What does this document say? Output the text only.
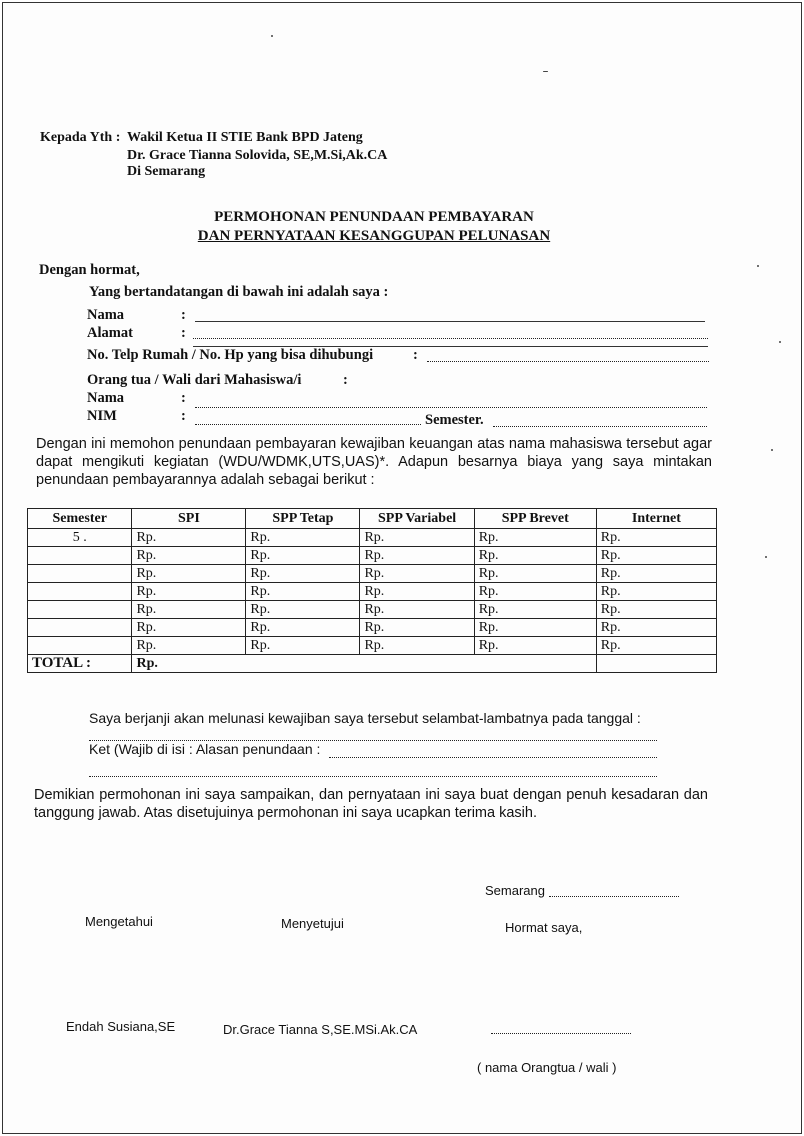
Kepada Yth : Wakil Ketua II STIE Bank BPD Jateng
Dr. Grace Tianna Solovida, SE,M.Si,Ak.CA
Di Semarang
PERMOHONAN PENUNDAAN PEMBAYARAN
DAN PERNYATAAN KESANGGUPAN PELUNASAN
Dengan hormat,
Yang bertandatangan di bawah ini adalah saya :
Nama	:
Alamat	:
No. Telp Rumah / No. Hp yang bisa dihubungi	:
Orang tua / Wali dari Mahasiswa/i	:
Nama	:
NIM	:	Semester.
Dengan ini memohon penundaan pembayaran kewajiban keuangan atas nama mahasiswa tersebut agar dapat mengikuti kegiatan (WDU/WDMK,UTS,UAS)*. Adapun besarnya biaya yang saya mintakan penundaan pembayarannya adalah sebagai berikut :
Semester	SPI	SPP Tetap	SPP Variabel	SPP Brevet	Internet
5 .	Rp.	Rp.	Rp.	Rp.	Rp.
	Rp.	Rp.	Rp.	Rp.	Rp.
	Rp.	Rp.	Rp.	Rp.	Rp.
	Rp.	Rp.	Rp.	Rp.	Rp.
	Rp.	Rp.	Rp.	Rp.	Rp.
	Rp.	Rp.	Rp.	Rp.	Rp.
	Rp.	Rp.	Rp.	Rp.	Rp.
TOTAL :	Rp.				
Saya berjanji akan melunasi kewajiban saya tersebut selambat-lambatnya pada tanggal :
Ket (Wajib di isi : Alasan penundaan :
Demikian permohonan ini saya sampaikan, dan pernyataan ini saya buat dengan penuh kesadaran dan tanggung jawab. Atas disetujuinya permohonan ini saya ucapkan terima kasih.
Semarang
Mengetahui	Menyetujui	Hormat saya,
Endah Susiana,SE	Dr.Grace Tianna S,SE.MSi.Ak.CA
( nama Orangtua / wali )
